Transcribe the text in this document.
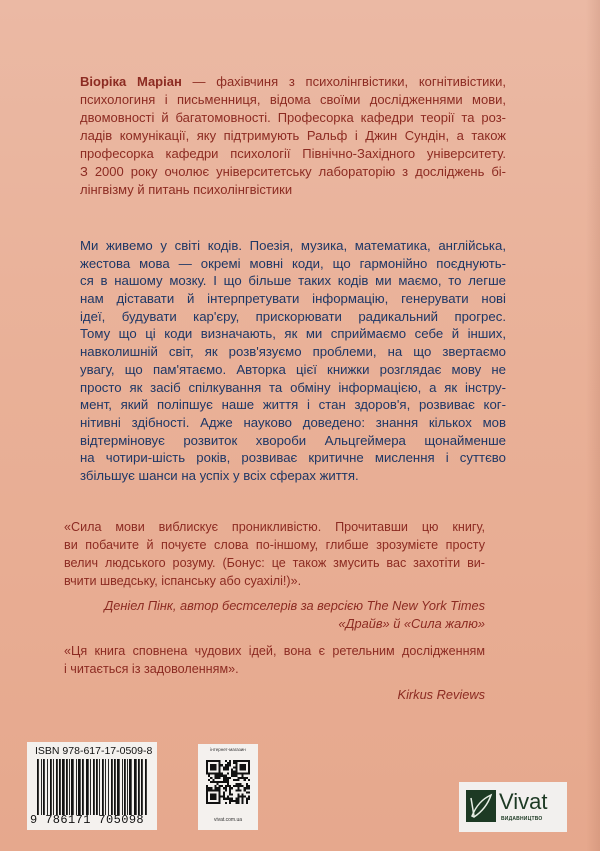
Віоріка Маріан — фахівчиня з психолінгвістики, когнітивістики,
психологиня і письменниця, відома своїми дослідженнями мови,
двомовності й багатомовності. Професорка кафедри теорії та роз-
ладів комунікації, яку підтримують Ральф і Джин Сундін, а також
професорка кафедри психології Північно-Західного університету.
З 2000 року очолює університетську лабораторію з досліджень бі-
лінгвізму й питань психолінгвістики
Ми живемо у світі кодів. Поезія, музика, математика, англійська,
жестова мова — окремі мовні коди, що гармонійно поєднують-
ся в нашому мозку. І що більше таких кодів ми маємо, то легше
нам діставати й інтерпретувати інформацію, генерувати нові
ідеї, будувати кар'єру, прискорювати радикальний прогрес.
Тому що ці коди визначають, як ми сприймаємо себе й інших,
навколишній світ, як розв'язуємо проблеми, на що звертаємо
увагу, що пам'ятаємо. Авторка цієї книжки розглядає мову не
просто як засіб спілкування та обміну інформацією, а як інстру-
мент, який поліпшує наше життя і стан здоров'я, розвиває ког-
нітивні здібності. Адже науково доведено: знання кількох мов
відтерміновує розвиток хвороби Альцгеймера щонайменше
на чотири-шість років, розвиває критичне мислення і суттєво
збільшує шанси на успіх у всіх сферах життя.
«Сила мови виблискує проникливістю. Прочитавши цю книгу,
ви побачите й почуєте слова по-іншому, глибше зрозумієте просту
велич людського розуму. (Бонус: це також змусить вас захотіти ви-
вчити шведську, іспанську або суахілі!)».
Деніел Пінк, автор бестселерів за версією The New York Times
«Драйв» й «Сила жалю»
«Ця книга сповнена чудових ідей, вона є ретельним дослідженням
і читається із задоволенням».
Kirkus Reviews
ISBN 978-617-17-0509-8
9 786171 705098
інтернет-магазин
vivat.com.ua
Vivat
ВИДАВНИЦТВО
